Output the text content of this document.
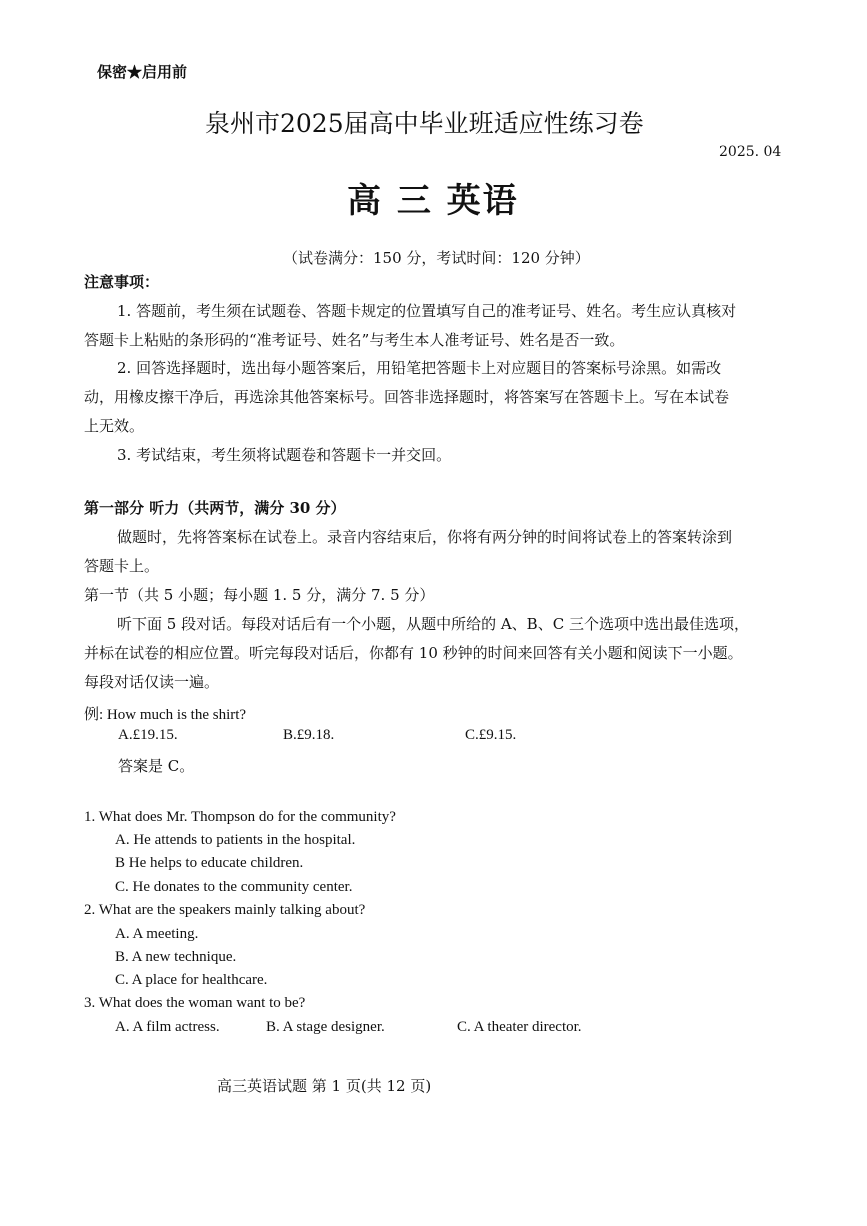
保密★启用前
泉州市2025届高中毕业班适应性练习卷
2025. 04
高 三 英语
（试卷满分：150 分，考试时间：120 分钟）
注意事项：
1. 答题前，考生须在试题卷、答题卡规定的位置填写自己的准考证号、姓名。考生应认真核对
答题卡上粘贴的条形码的“准考证号、姓名”与考生本人准考证号、姓名是否一致。
2. 回答选择题时，选出每小题答案后，用铅笔把答题卡上对应题目的答案标号涂黑。如需改
动，用橡皮擦干净后，再选涂其他答案标号。回答非选择题时，将答案写在答题卡上。写在本试卷
上无效。
3. 考试结束，考生须将试题卷和答题卡一并交回。
第一部分 听力（共两节，满分 30 分）
做题时，先将答案标在试卷上。录音内容结束后，你将有两分钟的时间将试卷上的答案转涂到
答题卡上。
第一节（共 5 小题；每小题 1. 5 分，满分 7. 5 分）
听下面 5 段对话。每段对话后有一个小题，从题中所给的 A、B、C 三个选项中选出最佳选项，
并标在试卷的相应位置。听完每段对话后，你都有 10 秒钟的时间来回答有关小题和阅读下一小题。
每段对话仅读一遍。
例: How much is the shirt?
A.£19.15.	B.£9.18.	C.£9.15.
答案是 C。
1. What does Mr. Thompson do for the community?
A. He attends to patients in the hospital.
B He helps to educate children.
C. He donates to the community center.
2. What are the speakers mainly talking about?
A. A meeting.
B. A new technique.
C. A place for healthcare.
3. What does the woman want to be?
A. A film actress.	B. A stage designer.	C. A theater director.
高三英语试题 第 1 页(共 12 页)
